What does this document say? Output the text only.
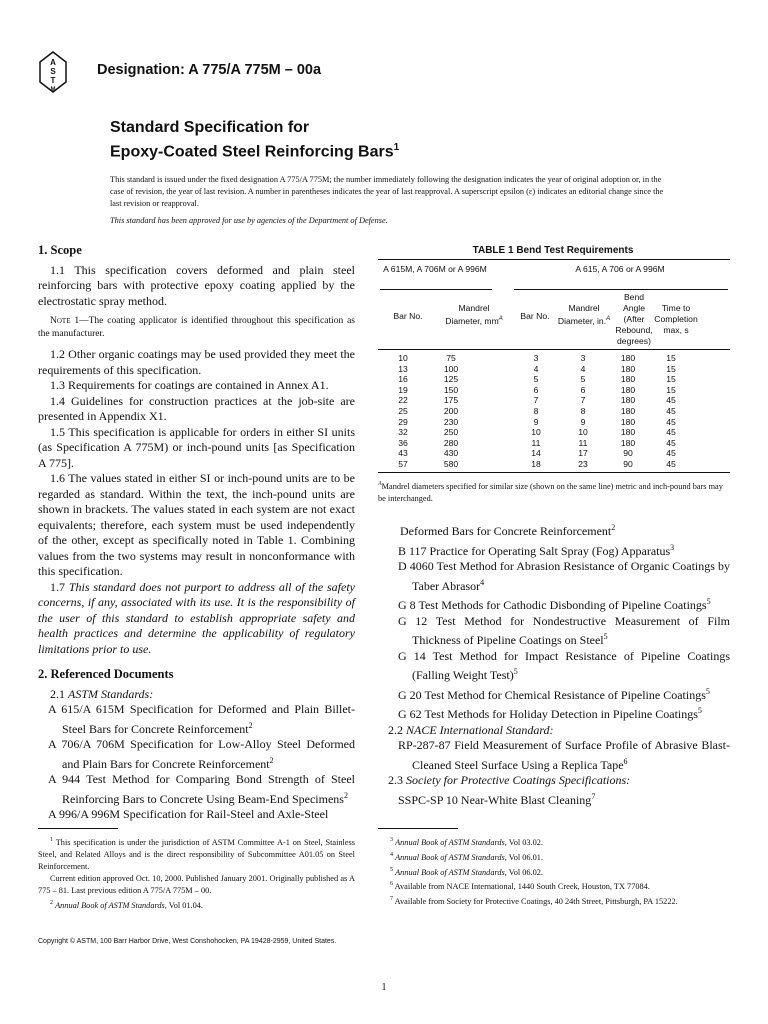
A
S
T
M
Designation: A 775/A 775M – 00a
Standard Specification for
Epoxy-Coated Steel Reinforcing Bars$^1$
This standard is issued under the fixed designation A 775/A 775M; the number immediately following the designation indicates the year of original adoption or, in the case of revision, the year of last revision. A number in parentheses indicates the year of last reapproval. A superscript epsilon (ε) indicates an editorial change since the last revision or reapproval.
This standard has been approved for use by agencies of the Department of Defense.
1. Scope

1.1 This specification covers deformed and plain steel reinforcing bars with protective epoxy coating applied by the electrostatic spray method.

Note 1—The coating applicator is identified throughout this specification as the manufacturer.

1.2 Other organic coatings may be used provided they meet the requirements of this specification.

1.3 Requirements for coatings are contained in Annex A1.

1.4 Guidelines for construction practices at the job-site are presented in Appendix X1.

1.5 This specification is applicable for orders in either SI units (as Specification A 775M) or inch-pound units [as Specification A 775].

1.6 The values stated in either SI or inch-pound units are to be regarded as standard. Within the text, the inch-pound units are shown in brackets. The values stated in each system are not exact equivalents; therefore, each system must be used independently of the other, except as specifically noted in Table 1. Combining values from the two systems may result in nonconformance with this specification.

1.7 This standard does not purport to address all of the safety concerns, if any, associated with its use. It is the responsibility of the user of this standard to establish appropriate safety and health practices and determine the applicability of regulatory limitations prior to use.

2. Referenced Documents

2.1 ASTM Standards:

A 615/A 615M Specification for Deformed and Plain Billet-Steel Bars for Concrete Reinforcement$^2$

A 706/A 706M Specification for Low-Alloy Steel Deformed and Plain Bars for Concrete Reinforcement$^2$

A 944 Test Method for Comparing Bond Strength of Steel Reinforcing Bars to Concrete Using Beam-End Specimens$^2$

A 996/A 996M Specification for Rail-Steel and Axle-Steel

TABLE 1 Bend Test Requirements
A 615M, A 706M or A 996M	A 615, A 706 or A 996M
Bar No.
Mandrel Diameter, $mm^A$	Bar No.
Mandrel Diameter, in.$^A$
Bend Angle (After Rebound, degrees)
Time to Completion max, s
10	75	3	3	180	15
13	100	4	4	180	15
16	125	5	5	180	15
19	150	6	6	180	15
22	175	7	7	180	45
25	200	8	8	180	45
29	230	9	9	180	45
32	250	10	10	180	45
36	280	11	11	180	45
43	430	14	17	90	45
57	580	18	23	90	45
$^A$Mandrel diameters specified for similar size (shown on the same line) metric and inch-pound bars may be interchanged.

Deformed Bars for Concrete Reinforcement$^2$

B 117 Practice for Operating Salt Spray (Fog) Apparatus$^3$

D 4060 Test Method for Abrasion Resistance of Organic Coatings by Taber Abrasor$^4$

G 8 Test Methods for Cathodic Disbonding of Pipeline Coatings$^5$

G 12 Test Method for Nondestructive Measurement of Film Thickness of Pipeline Coatings on Steel$^5$

G 14 Test Method for Impact Resistance of Pipeline Coatings (Falling Weight Test)$^5$

G 20 Test Method for Chemical Resistance of Pipeline Coatings$^5$

G 62 Test Methods for Holiday Detection in Pipeline Coatings$^5$

2.2 NACE International Standard:

RP-287-87 Field Measurement of Surface Profile of Abrasive Blast-Cleaned Steel Surface Using a Replica Tape$^6$

2.3 Society for Protective Coatings Specifications:

SSPC-SP 10 Near-White Blast Cleaning$^7$

$^1$ This specification is under the jurisdiction of ASTM Committee A-1 on Steel, Stainless Steel, and Related Alloys and is the direct responsibility of Subcommittee A01.05 on Steel Reinforcement.

Current edition approved Oct. 10, 2000. Published January 2001. Originally published as A 775 – 81. Last previous edition A 775/A 775M – 00.

$^2$ Annual Book of ASTM Standards, Vol 01.04.

$^3$ Annual Book of ASTM Standards, Vol 03.02.

$^4$ Annual Book of ASTM Standards, Vol 06.01.

$^5$ Annual Book of ASTM Standards, Vol 06.02.

$^6$ Available from NACE International, 1440 South Creek, Houston, TX 77084.

$^7$ Available from Society for Protective Coatings, 40 24th Street, Pittsburgh, PA 15222.

Copyright © ASTM, 100 Barr Harbor Drive, West Conshohocken, PA 19428-2959, United States.
1
